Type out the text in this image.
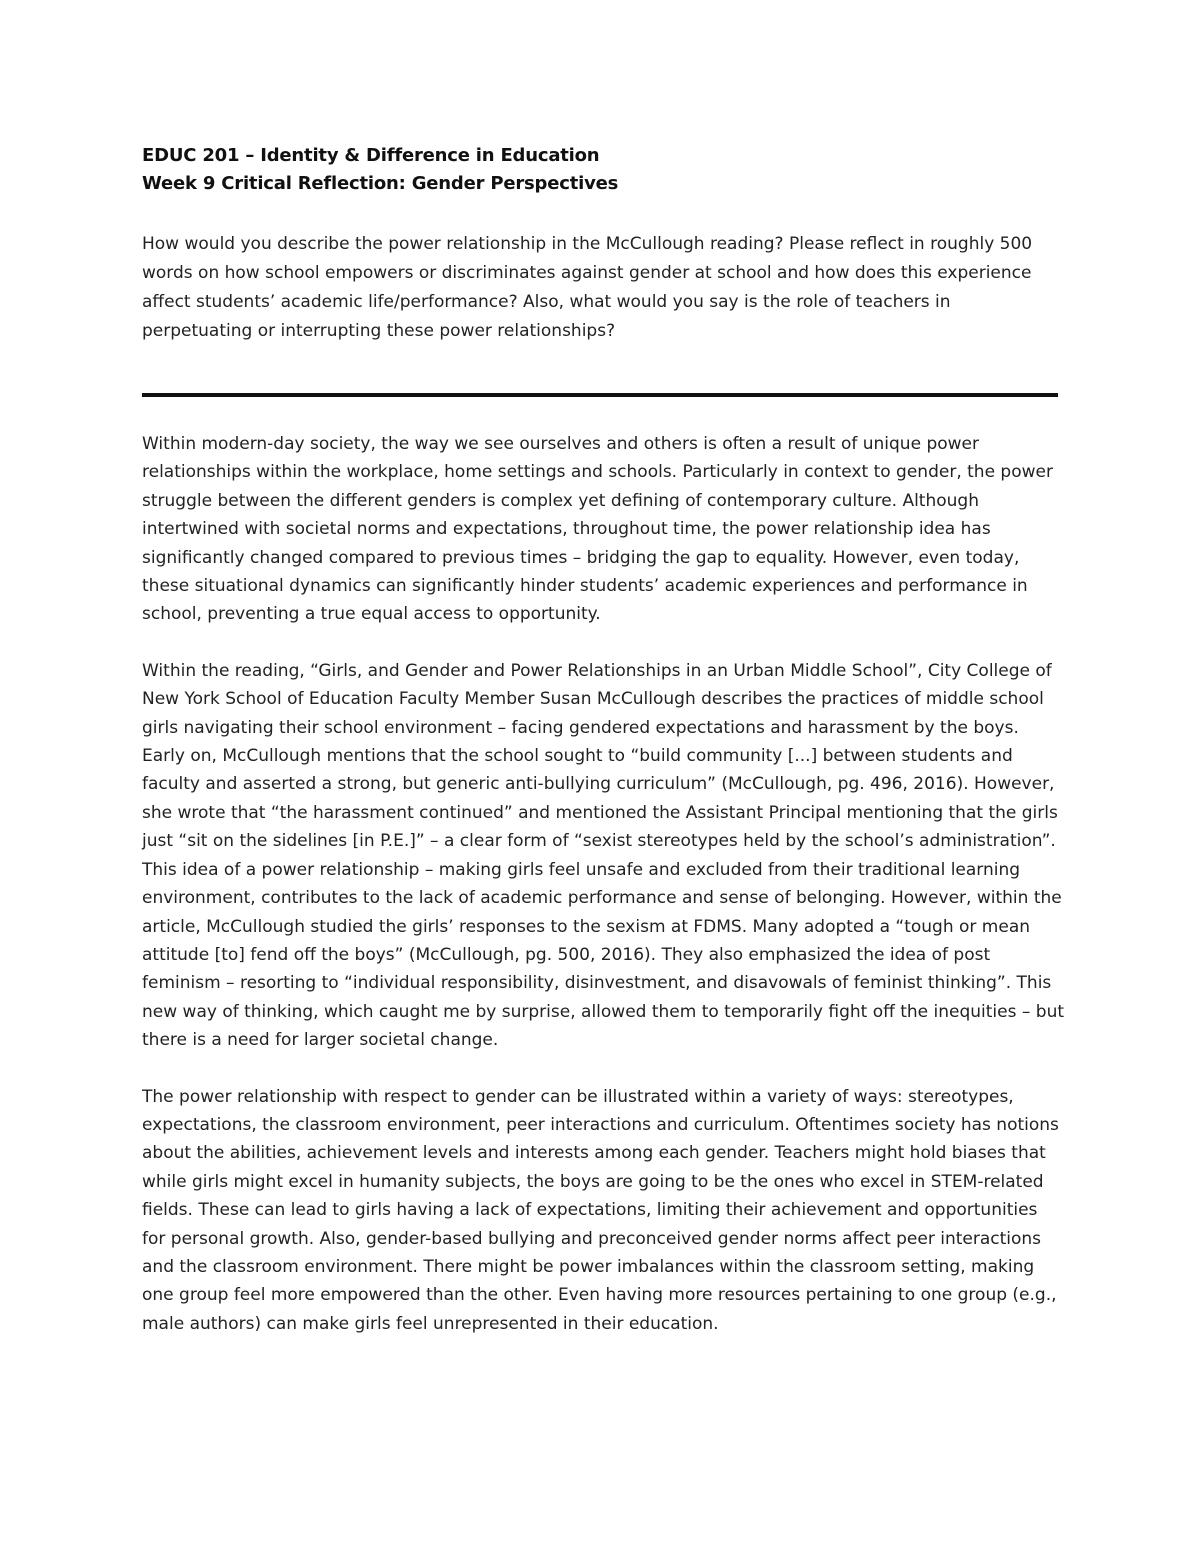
EDUC 201 – Identity & Difference in Education

Week 9 Critical Reflection: Gender Perspectives

How would you describe the power relationship in the McCullough reading? Please reflect in roughly 500 words on how school empowers or discriminates against gender at school and how does this experience affect students’ academic life/performance? Also, what would you say is the role of teachers in perpetuating or interrupting these power relationships?

Within modern-day society, the way we see ourselves and others is often a result of unique power relationships within the workplace, home settings and schools. Particularly in context to gender, the power struggle between the different genders is complex yet defining of contemporary culture. Although intertwined with societal norms and expectations, throughout time, the power relationship idea has significantly changed compared to previous times – bridging the gap to equality. However, even today, these situational dynamics can significantly hinder students’ academic experiences and performance in school, preventing a true equal access to opportunity.

Within the reading, “Girls, and Gender and Power Relationships in an Urban Middle School”, City College of New York School of Education Faculty Member Susan McCullough describes the practices of middle school girls navigating their school environment – facing gendered expectations and harassment by the boys. Early on, McCullough mentions that the school sought to “build community [...] between students and faculty and asserted a strong, but generic anti-bullying curriculum” (McCullough, pg. 496, 2016). However, she wrote that “the harassment continued” and mentioned the Assistant Principal mentioning that the girls just “sit on the sidelines [in P.E.]” – a clear form of “sexist stereotypes held by the school’s administration”. This idea of a power relationship – making girls feel unsafe and excluded from their traditional learning environment, contributes to the lack of academic performance and sense of belonging. However, within the article, McCullough studied the girls’ responses to the sexism at FDMS. Many adopted a “tough or mean attitude [to] fend off the boys” (McCullough, pg. 500, 2016). They also emphasized the idea of post feminism – resorting to “individual responsibility, disinvestment, and disavowals of feminist thinking”. This new way of thinking, which caught me by surprise, allowed them to temporarily fight off the inequities – but there is a need for larger societal change.

The power relationship with respect to gender can be illustrated within a variety of ways: stereotypes, expectations, the classroom environment, peer interactions and curriculum. Oftentimes society has notions about the abilities, achievement levels and interests among each gender. Teachers might hold biases that while girls might excel in humanity subjects, the boys are going to be the ones who excel in STEM-related fields. These can lead to girls having a lack of expectations, limiting their achievement and opportunities for personal growth. Also, gender-based bullying and preconceived gender norms affect peer interactions and the classroom environment. There might be power imbalances within the classroom setting, making one group feel more empowered than the other. Even having more resources pertaining to one group (e.g., male authors) can make girls feel unrepresented in their education.
